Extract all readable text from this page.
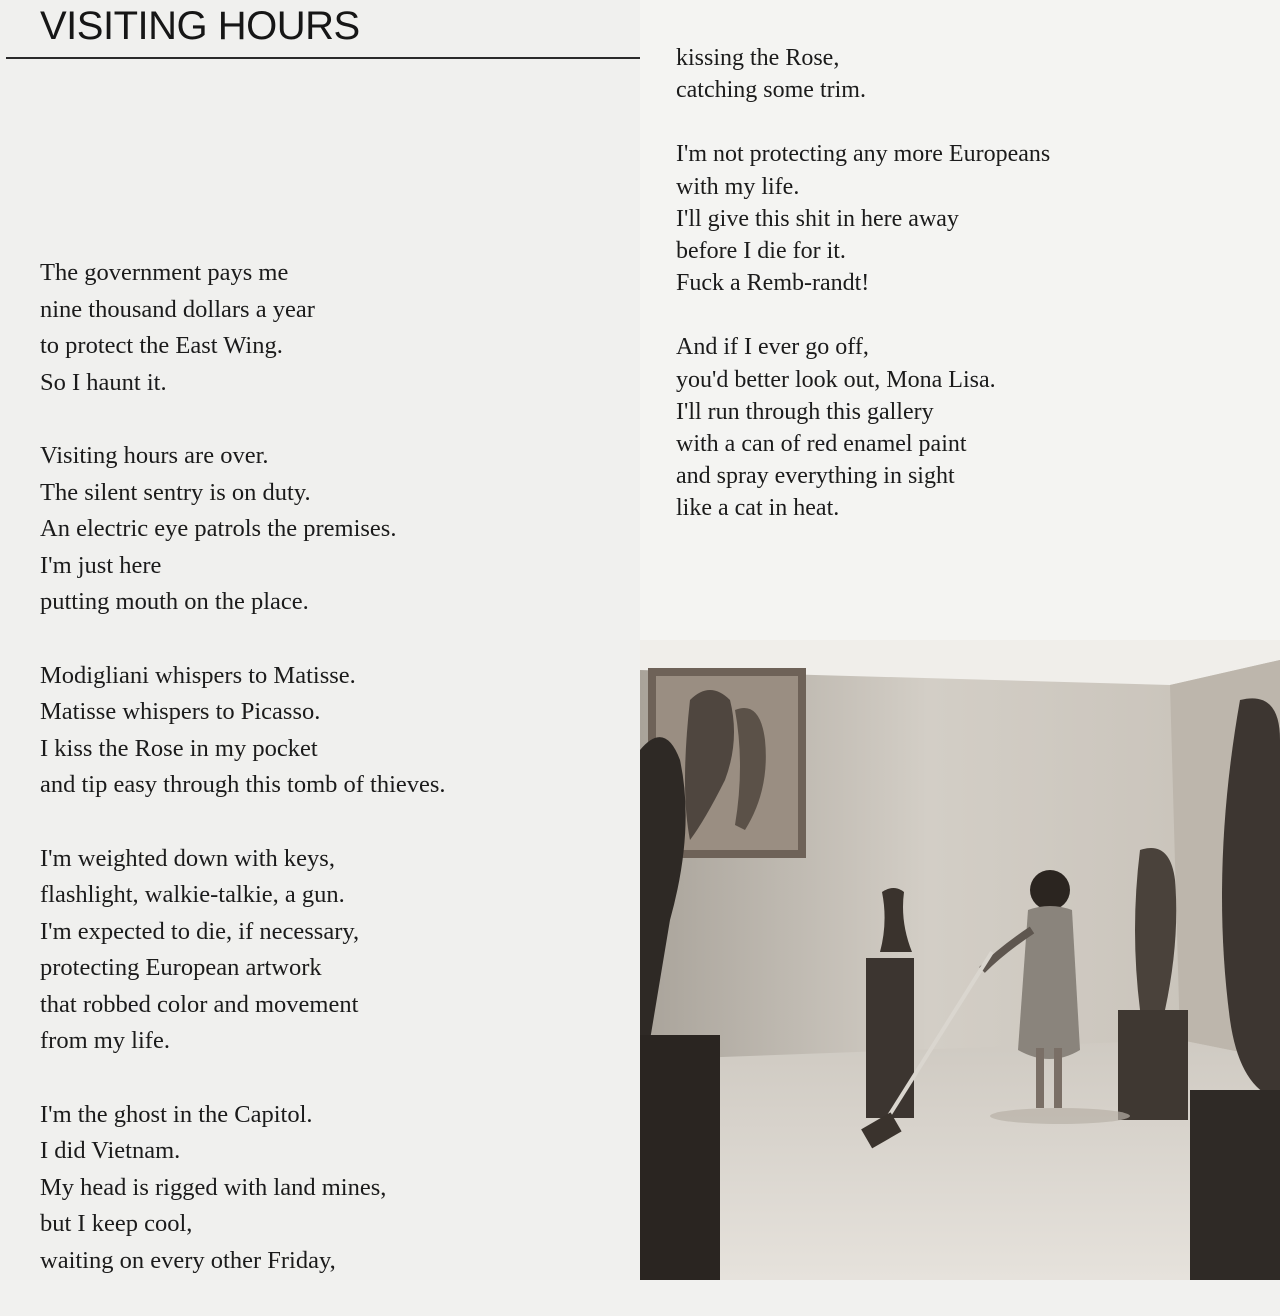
VISITING HOURS
The government pays me
nine thousand dollars a year
to protect the East Wing.
So I haunt it.
Visiting hours are over.
The silent sentry is on duty.
An electric eye patrols the premises.
I'm just here
putting mouth on the place.
Modigliani whispers to Matisse.
Matisse whispers to Picasso.
I kiss the Rose in my pocket
and tip easy through this tomb of thieves.
I'm weighted down with keys,
flashlight, walkie-talkie, a gun.
I'm expected to die, if necessary,
protecting European artwork
that robbed color and movement
from my life.
I'm the ghost in the Capitol.
I did Vietnam.
My head is rigged with land mines,
but I keep cool,
waiting on every other Friday,
kissing the Rose,
catching some trim.
I'm not protecting any more Europeans
with my life.
I'll give this shit in here away
before I die for it.
Fuck a Remb-randt!
And if I ever go off,
you'd better look out, Mona Lisa.
I'll run through this gallery
with a can of red enamel paint
and spray everything in sight
like a cat in heat.
